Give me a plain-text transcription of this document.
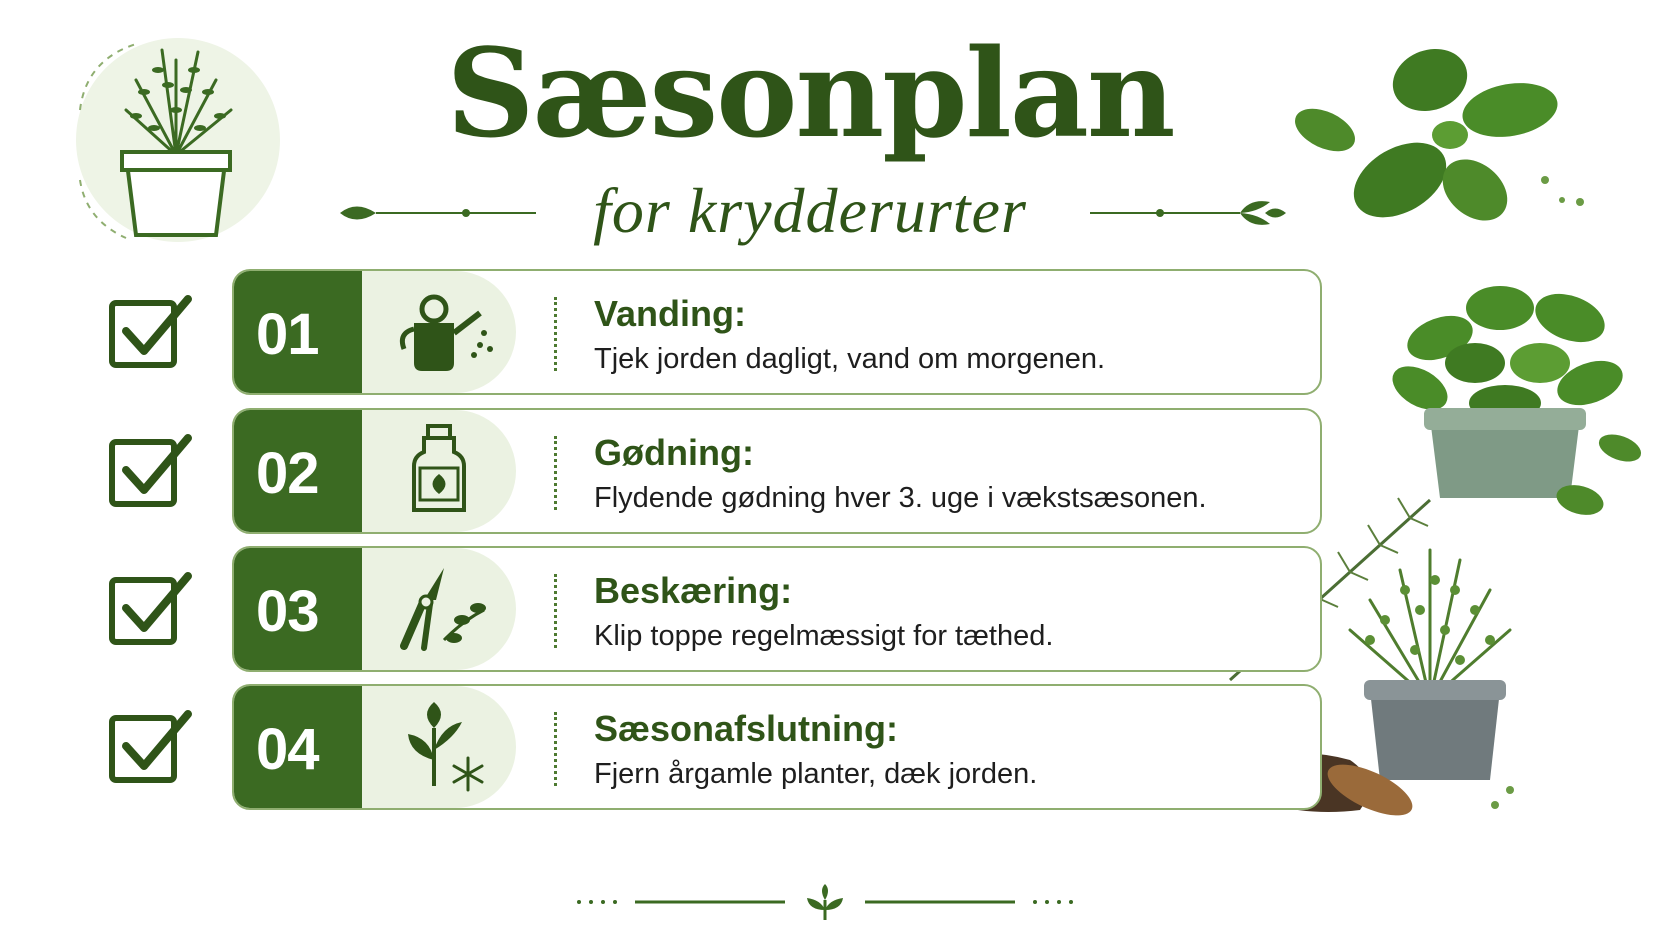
Sæsonplan
for krydderurter
01	Vanding:
Tjek jorden dagligt, vand om morgenen.
02	Gødning:
Flydende gødning hver 3. uge i vækstsæsonen.
03	Beskæring:
Klip toppe regelmæssigt for tæthed.
04	Sæsonafslutning:
Fjern årgamle planter, dæk jorden.
